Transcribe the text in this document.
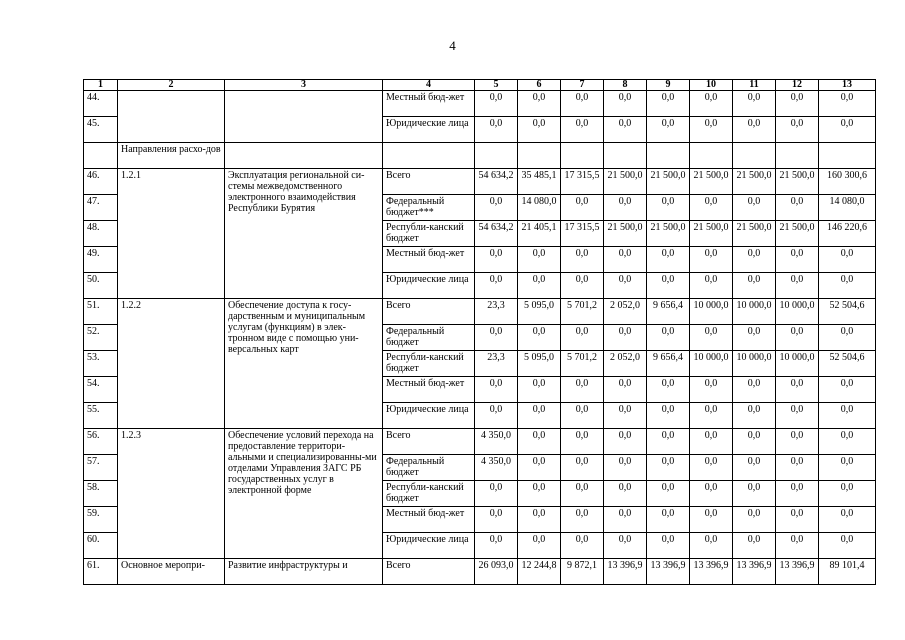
4
1	2	3	4	5	6	7	8	9	10	11	12	13
44.			Местный бюд-жет	0,0	0,0	0,0	0,0	0,0	0,0	0,0	0,0	0,0
45.			Юридические лица	0,0	0,0	0,0	0,0	0,0	0,0	0,0	0,0	0,0
	Направления расхо-дов											
46.	1.2.1	Эксплуатация региональной си-стемы межведомственного электронного взаимодействия Республики Бурятия	Всего	54 634,2	35 485,1	17 315,5	21 500,0	21 500,0	21 500,0	21 500,0	21 500,0	160 300,6
47.			Федеральный бюджет***	0,0	14 080,0	0,0	0,0	0,0	0,0	0,0	0,0	14 080,0
48.			Республи-канский бюджет	54 634,2	21 405,1	17 315,5	21 500,0	21 500,0	21 500,0	21 500,0	21 500,0	146 220,6
49.			Местный бюд-жет	0,0	0,0	0,0	0,0	0,0	0,0	0,0	0,0	0,0
50.			Юридические лица	0,0	0,0	0,0	0,0	0,0	0,0	0,0	0,0	0,0
51.	1.2.2	Обеспечение доступа к госу-дарственным и муниципальным услугам (функциям) в элек-тронном виде с помощью уни-версальных карт	Всего	23,3	5 095,0	5 701,2	2 052,0	9 656,4	10 000,0	10 000,0	10 000,0	52 504,6
52.			Федеральный бюджет	0,0	0,0	0,0	0,0	0,0	0,0	0,0	0,0	0,0
53.			Республи-канский бюджет	23,3	5 095,0	5 701,2	2 052,0	9 656,4	10 000,0	10 000,0	10 000,0	52 504,6
54.			Местный бюд-жет	0,0	0,0	0,0	0,0	0,0	0,0	0,0	0,0	0,0
55.			Юридические лица	0,0	0,0	0,0	0,0	0,0	0,0	0,0	0,0	0,0
56.	1.2.3	Обеспечение условий перехода на предоставление территори-альными и специализированны-ми отделами Управления ЗАГС РБ государственных услуг в электронной форме	Всего	4 350,0	0,0	0,0	0,0	0,0	0,0	0,0	0,0	0,0
57.			Федеральный бюджет	4 350,0	0,0	0,0	0,0	0,0	0,0	0,0	0,0	0,0
58.			Республи-канский бюджет	0,0	0,0	0,0	0,0	0,0	0,0	0,0	0,0	0,0
59.			Местный бюд-жет	0,0	0,0	0,0	0,0	0,0	0,0	0,0	0,0	0,0
60.			Юридические лица	0,0	0,0	0,0	0,0	0,0	0,0	0,0	0,0	0,0
61.	Основное меропри-	Развитие инфраструктуры и	Всего	26 093,0	12 244,8	9 872,1	13 396,9	13 396,9	13 396,9	13 396,9	13 396,9	89 101,4
